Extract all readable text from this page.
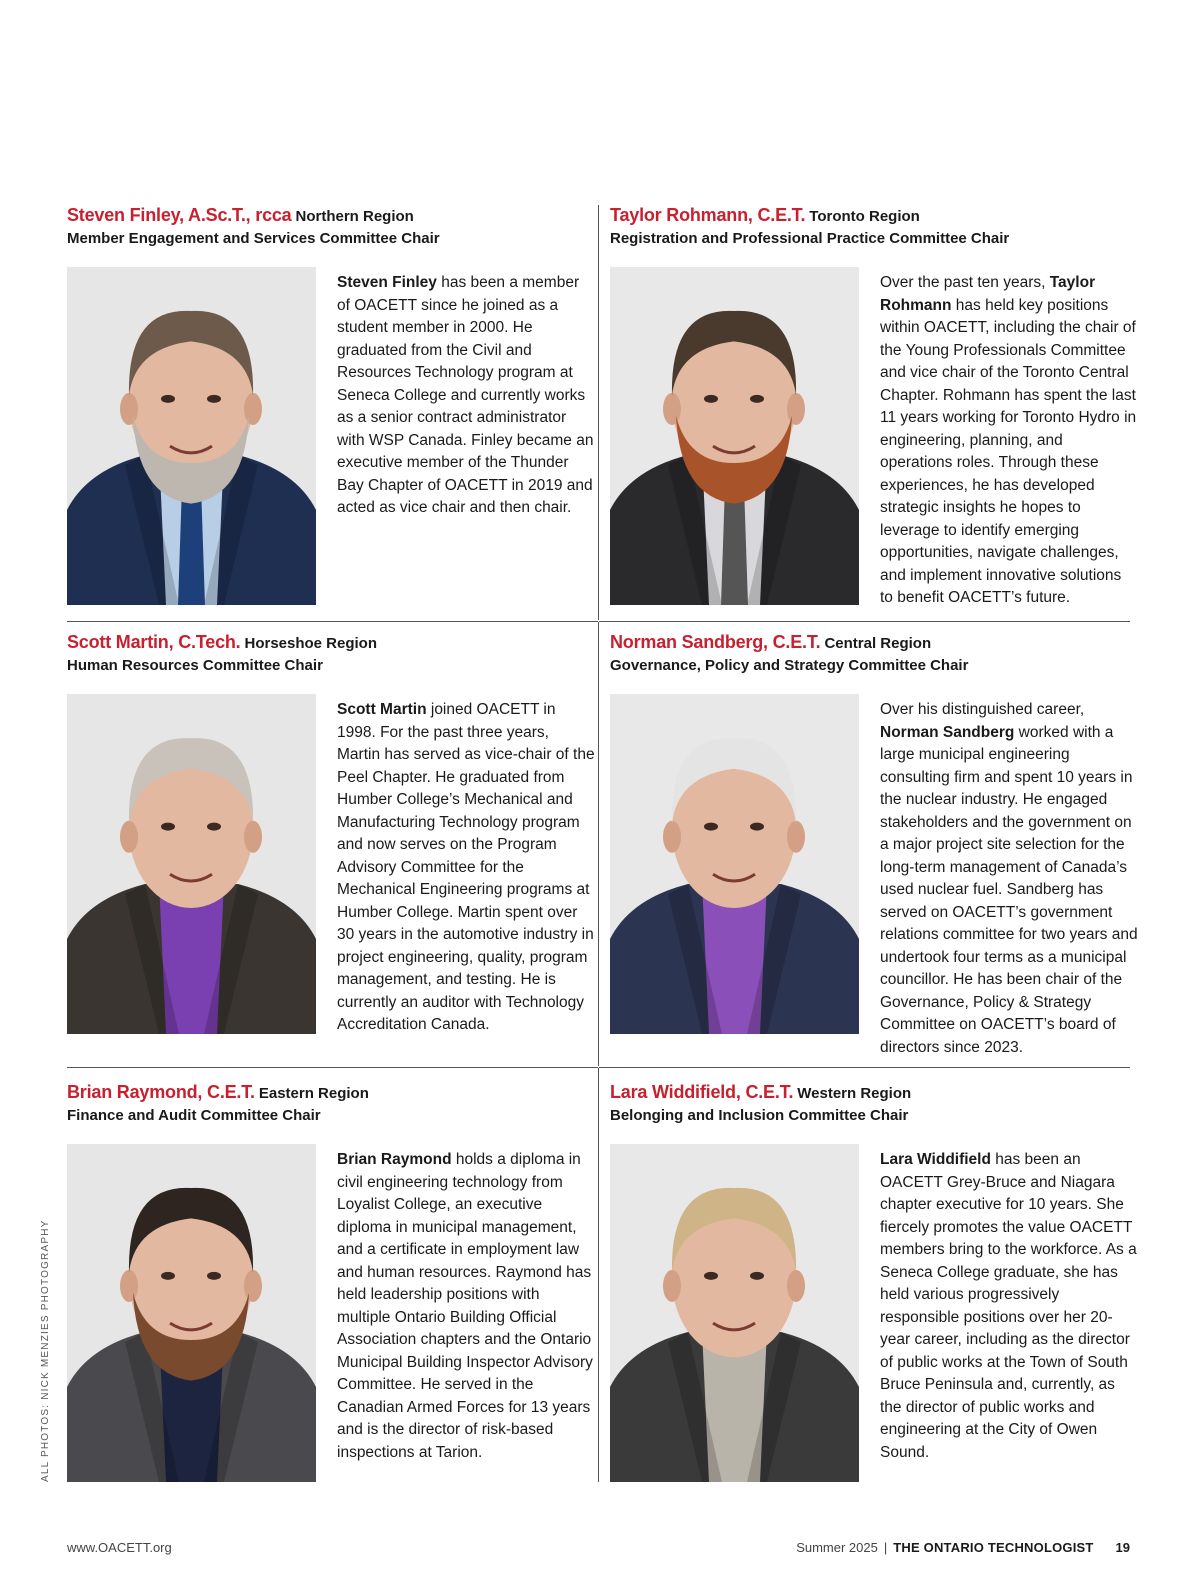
Steven Finley, A.Sc.T., rcca Northern Region
Member Engagement and Services Committee Chair
Steven Finley has been a member of OACETT since he joined as a student member in 2000. He graduated from the Civil and Resources Technology program at Seneca College and currently works as a senior contract administrator with WSP Canada. Finley became an executive member of the Thunder Bay Chapter of OACETT in 2019 and acted as vice chair and then chair.
Taylor Rohmann, C.E.T. Toronto Region
Registration and Professional Practice Committee Chair
Over the past ten years, Taylor Rohmann has held key positions within OACETT, including the chair of the Young Professionals Committee and vice chair of the Toronto Central Chapter. Rohmann has spent the last 11 years working for Toronto Hydro in engineering, planning, and operations roles. Through these experiences, he has developed strategic insights he hopes to leverage to identify emerging opportunities, navigate challenges, and implement innovative solutions to benefit OACETT’s future.
Scott Martin, C.Tech. Horseshoe Region
Human Resources Committee Chair
Scott Martin joined OACETT in 1998. For the past three years, Martin has served as vice-chair of the Peel Chapter. He graduated from Humber College’s Mechanical and Manufacturing Technology program and now serves on the Program Advisory Committee for the Mechanical Engineering programs at Humber College. Martin spent over 30 years in the automotive industry in project engineering, quality, program management, and testing. He is currently an auditor with Technology Accreditation Canada.
Norman Sandberg, C.E.T. Central Region
Governance, Policy and Strategy Committee Chair
Over his distinguished career, Norman Sandberg worked with a large municipal engineering consulting firm and spent 10 years in the nuclear industry. He engaged stakeholders and the government on a major project site selection for the long-term management of Canada’s used nuclear fuel. Sandberg has served on OACETT’s government relations committee for two years and undertook four terms as a municipal councillor. He has been chair of the Governance, Policy & Strategy Committee on OACETT’s board of directors since 2023.
Brian Raymond, C.E.T. Eastern Region
Finance and Audit Committee Chair
Brian Raymond holds a diploma in civil engineering technology from Loyalist College, an executive diploma in municipal management, and a certificate in employment law and human resources. Raymond has held leadership positions with multiple Ontario Building Official Association chapters and the Ontario Municipal Building Inspector Advisory Committee. He served in the Canadian Armed Forces for 13 years and is the director of risk-based inspections at Tarion.
Lara Widdifield, C.E.T. Western Region
Belonging and Inclusion Committee Chair
Lara Widdifield has been an OACETT Grey-Bruce and Niagara chapter executive for 10 years. She fiercely promotes the value OACETT members bring to the workforce. As a Seneca College graduate, she has held various progressively responsible positions over her 20-year career, including as the director of public works at the Town of South Bruce Peninsula and, currently, as the director of public works and engineering at the City of Owen Sound.
ALL PHOTOS: NICK MENZIES PHOTOGRAPHY
www.OACETT.org	Summer 2025 | THE ONTARIO TECHNOLOGIST 19
